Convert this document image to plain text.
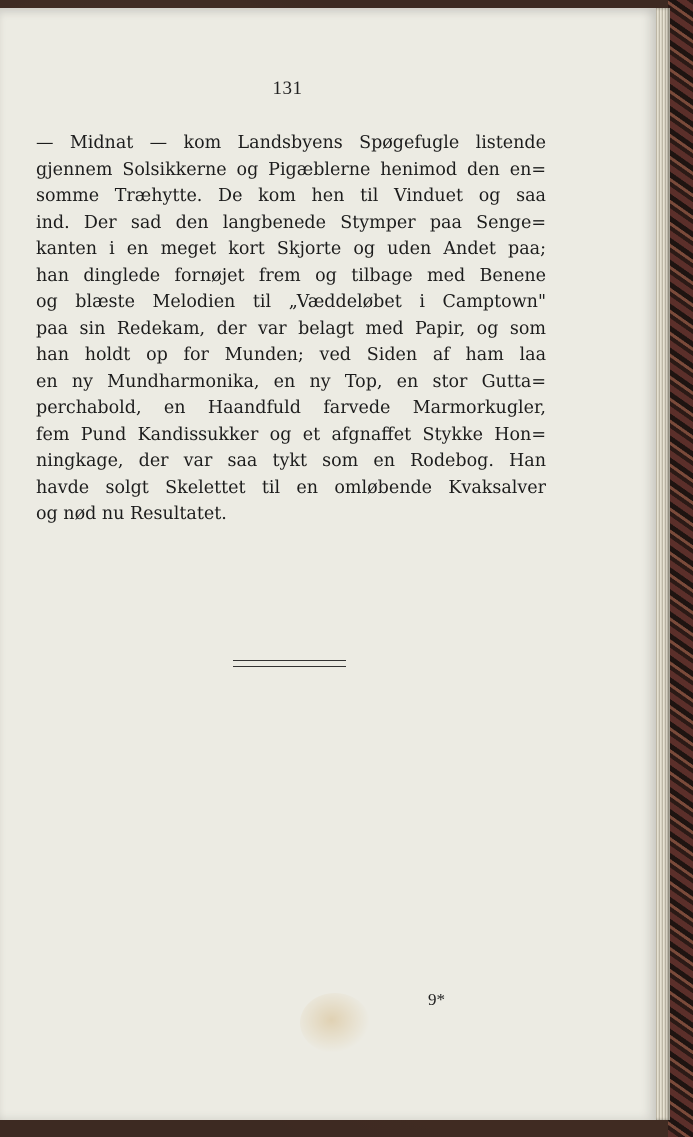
131
— Midnat — kom Landsbyens Spøgefugle listende
gjennem Solsikkerne og Pigæblerne henimod den en=
somme Træhytte. De kom hen til Vinduet og saa
ind. Der sad den langbenede Stymper paa Senge=
kanten i en meget kort Skjorte og uden Andet paa;
han dinglede fornøjet frem og tilbage med Benene
og blæste Melodien til „Væddeløbet i Camptown"
paa sin Redekam, der var belagt med Papir, og som
han holdt op for Munden; ved Siden af ham laa
en ny Mundharmonika, en ny Top, en stor Gutta=
perchabold, en Haandfuld farvede Marmorkugler,
fem Pund Kandissukker og et afgnaffet Stykke Hon=
ningkage, der var saa tykt som en Rodebog. Han
havde solgt Skelettet til en omløbende Kvaksalver
og nød nu Resultatet.
9*
